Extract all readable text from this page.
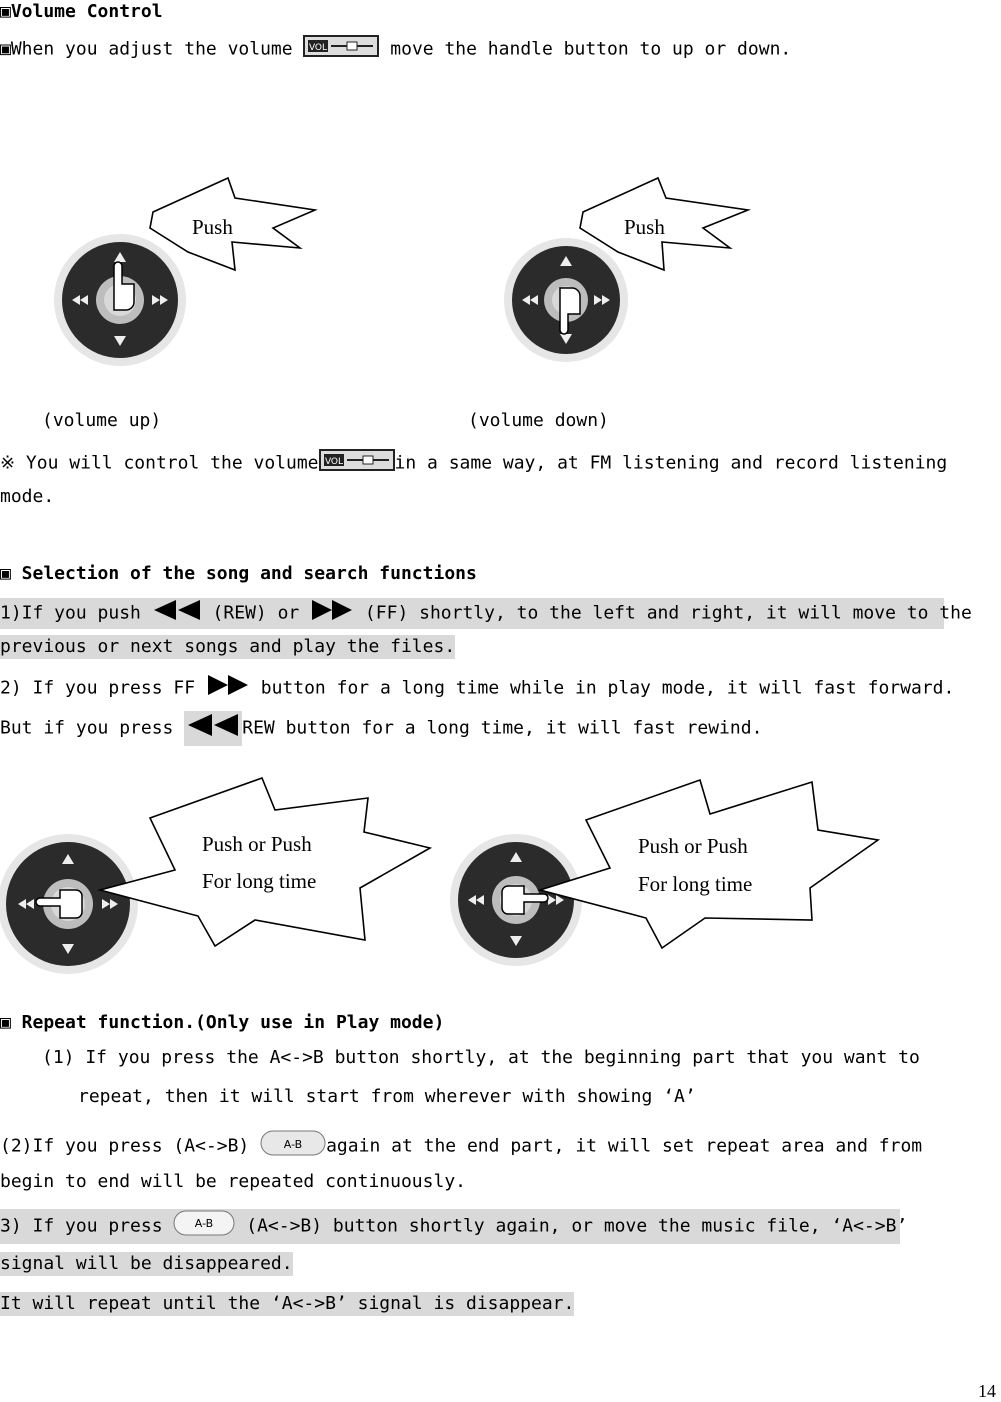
▣Volume Control
▣When you adjust the volume VOL	move the handle button to up or down.
Push	Push
(volume up)	(volume down)
※ You will control the volume VOL	in a same way, at FM listening and record listening
mode.
▣ Selection of the song and search functions
1)If you push	(REW) or  (FF) shortly, to the left and right, it will move to the
previous or next songs and play the files.
2) If you press FF  button for a long time while in play mode, it will fast forward.
But if you press	REW button for a long time, it will fast rewind.
Push or Push
For long time
Push or Push
For long time
▣ Repeat function.(Only use in Play mode)
(1) If you press the A<->B button shortly, at the beginning part that you want to
repeat, then it will start from wherever with showing ‘A’
(2)If you press (A<->B) A-B again at the end part, it will set repeat area and from
begin to end will be repeated continuously.
3) If you press A-B (A<->B) button shortly again, or move the music file, ‘A<->B’
signal will be disappeared.
It will repeat until the ‘A<->B’ signal is disappear.
14
